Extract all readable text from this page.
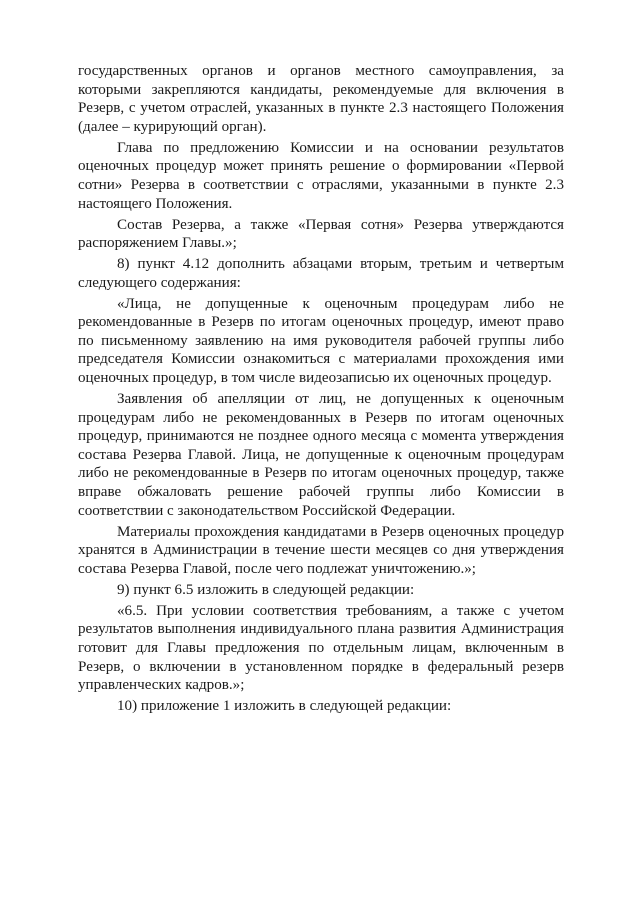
государственных органов и органов местного самоуправления, за которыми закрепляются кандидаты, рекомендуемые для включения в Резерв, с учетом отраслей, указанных в пункте 2.3 настоящего Положения (далее – курирующий орган).

Глава по предложению Комиссии и на основании результатов оценочных процедур может принять решение о формировании «Первой сотни» Резерва в соответствии с отраслями, указанными в пункте 2.3 настоящего Положения.

Состав Резерва, а также «Первая сотня» Резерва утверждаются распоряжением Главы.»;

8) пункт 4.12 дополнить абзацами вторым, третьим и четвертым следующего содержания:

«Лица, не допущенные к оценочным процедурам либо не рекомендованные в Резерв по итогам оценочных процедур, имеют право по письменному заявлению на имя руководителя рабочей группы либо председателя Комиссии ознакомиться с материалами прохождения ими оценочных процедур, в том числе видеозаписью их оценочных процедур.

Заявления об апелляции от лиц, не допущенных к оценочным процедурам либо не рекомендованных в Резерв по итогам оценочных процедур, принимаются не позднее одного месяца с момента утверждения состава Резерва Главой. Лица, не допущенные к оценочным процедурам либо не рекомендованные в Резерв по итогам оценочных процедур, также вправе обжаловать решение рабочей группы либо Комиссии в соответствии с законодательством Российской Федерации.

Материалы прохождения кандидатами в Резерв оценочных процедур хранятся в Администрации в течение шести месяцев со дня утверждения состава Резерва Главой, после чего подлежат уничтожению.»;

9) пункт 6.5 изложить в следующей редакции:

«6.5. При условии соответствия требованиям, а также с учетом результатов выполнения индивидуального плана развития Администрация готовит для Главы предложения по отдельным лицам, включенным в Резерв, о включении в установленном порядке в федеральный резерв управленческих кадров.»;

10) приложение 1 изложить в следующей редакции:
